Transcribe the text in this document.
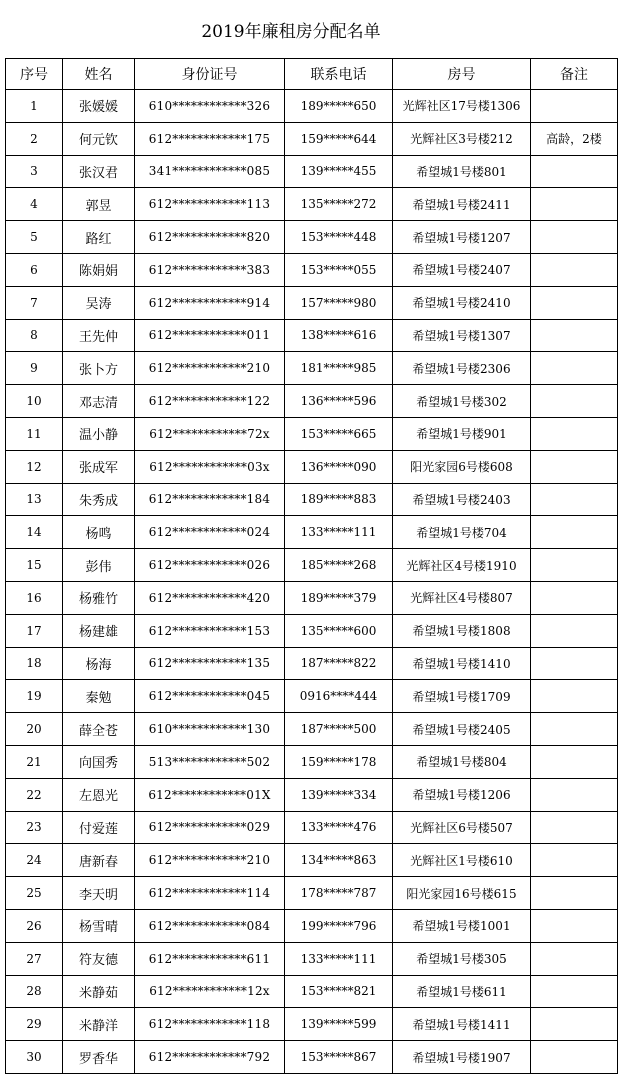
2019年廉租房分配名单
序号	姓名	身份证号	联系电话	房号	备注
1	张媛媛	610************326	189*****650	光辉社区17号楼1306	
2	何元钦	612************175	159*****644	光辉社区3号楼212	高龄，2楼
3	张汉君	341************085	139*****455	希望城1号楼801	
4	郭昱	612************113	135*****272	希望城1号楼2411	
5	路红	612************820	153*****448	希望城1号楼1207	
6	陈娟娟	612************383	153*****055	希望城1号楼2407	
7	吴涛	612************914	157*****980	希望城1号楼2410	
8	王先仲	612************011	138*****616	希望城1号楼1307	
9	张卜方	612************210	181*****985	希望城1号楼2306	
10	邓志清	612************122	136*****596	希望城1号楼302	
11	温小静	612************72x	153*****665	希望城1号楼901	
12	张成军	612************03x	136*****090	阳光家园6号楼608	
13	朱秀成	612************184	189*****883	希望城1号楼2403	
14	杨鸣	612************024	133*****111	希望城1号楼704	
15	彭伟	612************026	185*****268	光辉社区4号楼1910	
16	杨雅竹	612************420	189*****379	光辉社区4号楼807	
17	杨建雄	612************153	135*****600	希望城1号楼1808	
18	杨海	612************135	187*****822	希望城1号楼1410	
19	秦勉	612************045	0916****444	希望城1号楼1709	
20	薛全苍	610************130	187*****500	希望城1号楼2405	
21	向国秀	513************502	159*****178	希望城1号楼804	
22	左恩光	612************01X	139*****334	希望城1号楼1206	
23	付爱莲	612************029	133*****476	光辉社区6号楼507	
24	唐新春	612************210	134*****863	光辉社区1号楼610	
25	李天明	612************114	178*****787	阳光家园16号楼615	
26	杨雪晴	612************084	199*****796	希望城1号楼1001	
27	符友德	612************611	133*****111	希望城1号楼305	
28	米静茹	612************12x	153*****821	希望城1号楼611	
29	米静洋	612************118	139*****599	希望城1号楼1411	
30	罗香华	612************792	153*****867	希望城1号楼1907	
